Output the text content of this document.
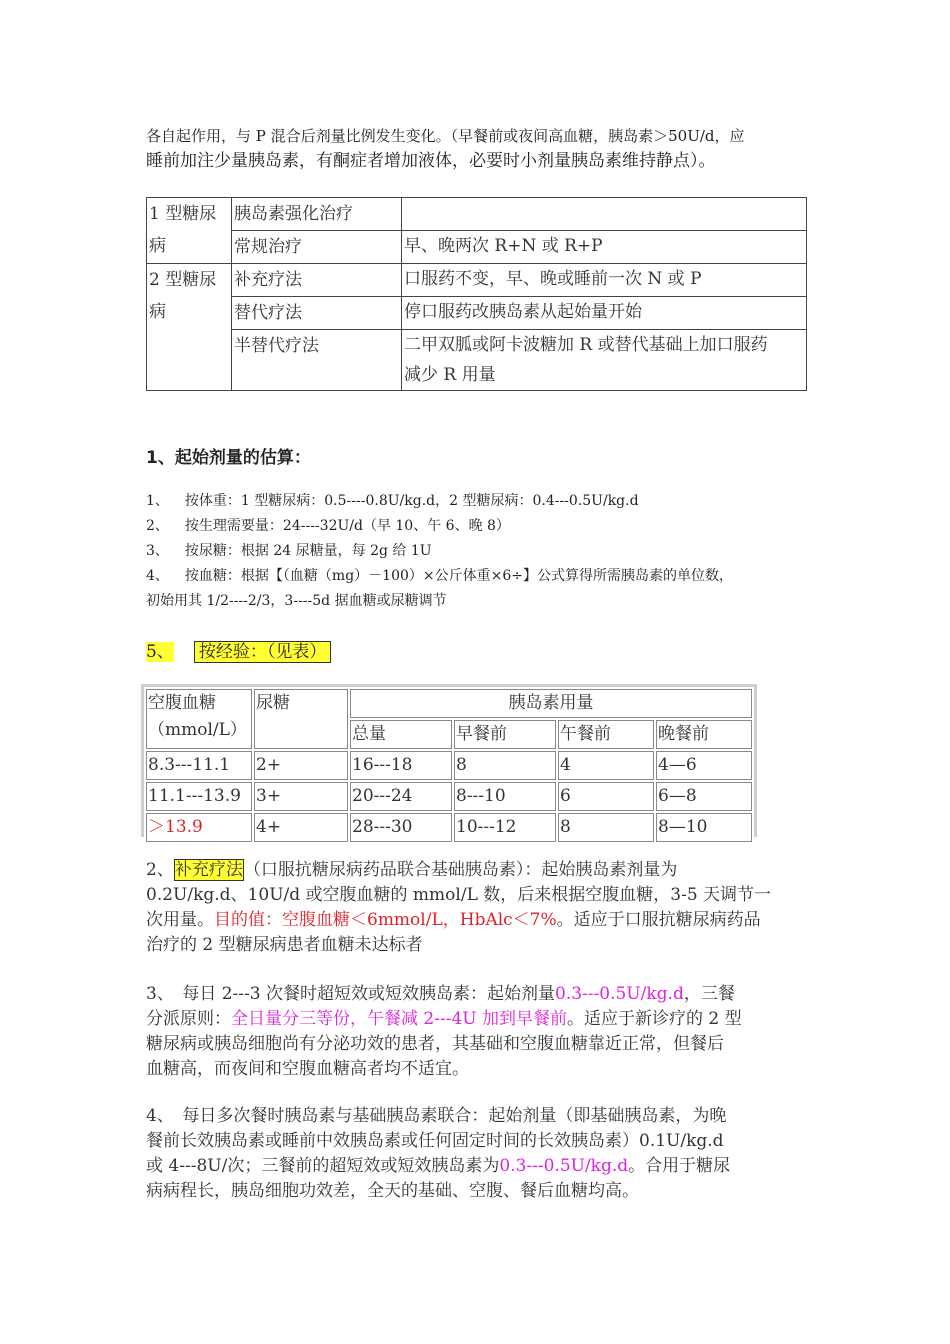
各自起作用，与 P 混合后剂量比例发生变化。（早餐前或夜间高血糖，胰岛素＞50U/d，应
睡前加注少量胰岛素，有酮症者增加液体，必要时小剂量胰岛素维持静点）。
1 型糖尿
病	胰岛素强化治疗	
	常规治疗	早、晚两次 R+N 或 R+P

2 型糖尿
病	补充疗法	口服药不变，早、晚或睡前一次 N 或 P
	替代疗法	停口服药改胰岛素从起始量开始
	半替代疗法	二甲双胍或阿卡波糖加 R 或替代基础上加口服药
减少 R 用量
1、起始剂量的估算：
1、 按体重：1 型糖尿病：0.5----0.8U/kg.d，2 型糖尿病：0.4---0.5U/kg.d
2、 按生理需要量：24----32U/d（早 10、午 6、晚 8）
3、 按尿糖：根据 24 尿糖量，每 2g 给 1U
4、 按血糖：根据【（血糖（mg）－100）×公斤体重×6÷】公式算得所需胰岛素的单位数，
初始用其 1/2----2/3，3----5d 据血糖或尿糖调节
5、 按经验：（见表）
空腹血糖
（mmol/L）	尿糖	胰岛素用量			
		总量	早餐前	午餐前	晚餐前
8.3---11.1	2+	16---18	8	4	4—6
11.1---13.9	3+	20---24	8---10	6	6—8
＞13.9	4+	28---30	10---12	8	8—10
2、补充疗法（口服抗糖尿病药品联合基础胰岛素）：起始胰岛素剂量为
0.2U/kg.d、10U/d 或空腹血糖的 mmol/L 数，后来根据空腹血糖，3-5 天调节一
次用量。目的值：空腹血糖＜6mmol/L，HbAlc＜7%。适应于口服抗糖尿病药品
治疗的 2 型糖尿病患者血糖未达标者
3、　每日 2---3 次餐时超短效或短效胰岛素：起始剂量0.3---0.5U/kg.d，三餐
分派原则：全日量分三等份，午餐减 2---4U 加到早餐前。适应于新诊疗的 2 型
糖尿病或胰岛细胞尚有分泌功效的患者，其基础和空腹血糖靠近正常，但餐后
血糖高，而夜间和空腹血糖高者均不适宜。
4、　每日多次餐时胰岛素与基础胰岛素联合：起始剂量（即基础胰岛素，为晚
餐前长效胰岛素或睡前中效胰岛素或任何固定时间的长效胰岛素）0.1U/kg.d
或 4---8U/次；三餐前的超短效或短效胰岛素为0.3---0.5U/kg.d。合用于糖尿
病病程长，胰岛细胞功效差，全天的基础、空腹、餐后血糖均高。
